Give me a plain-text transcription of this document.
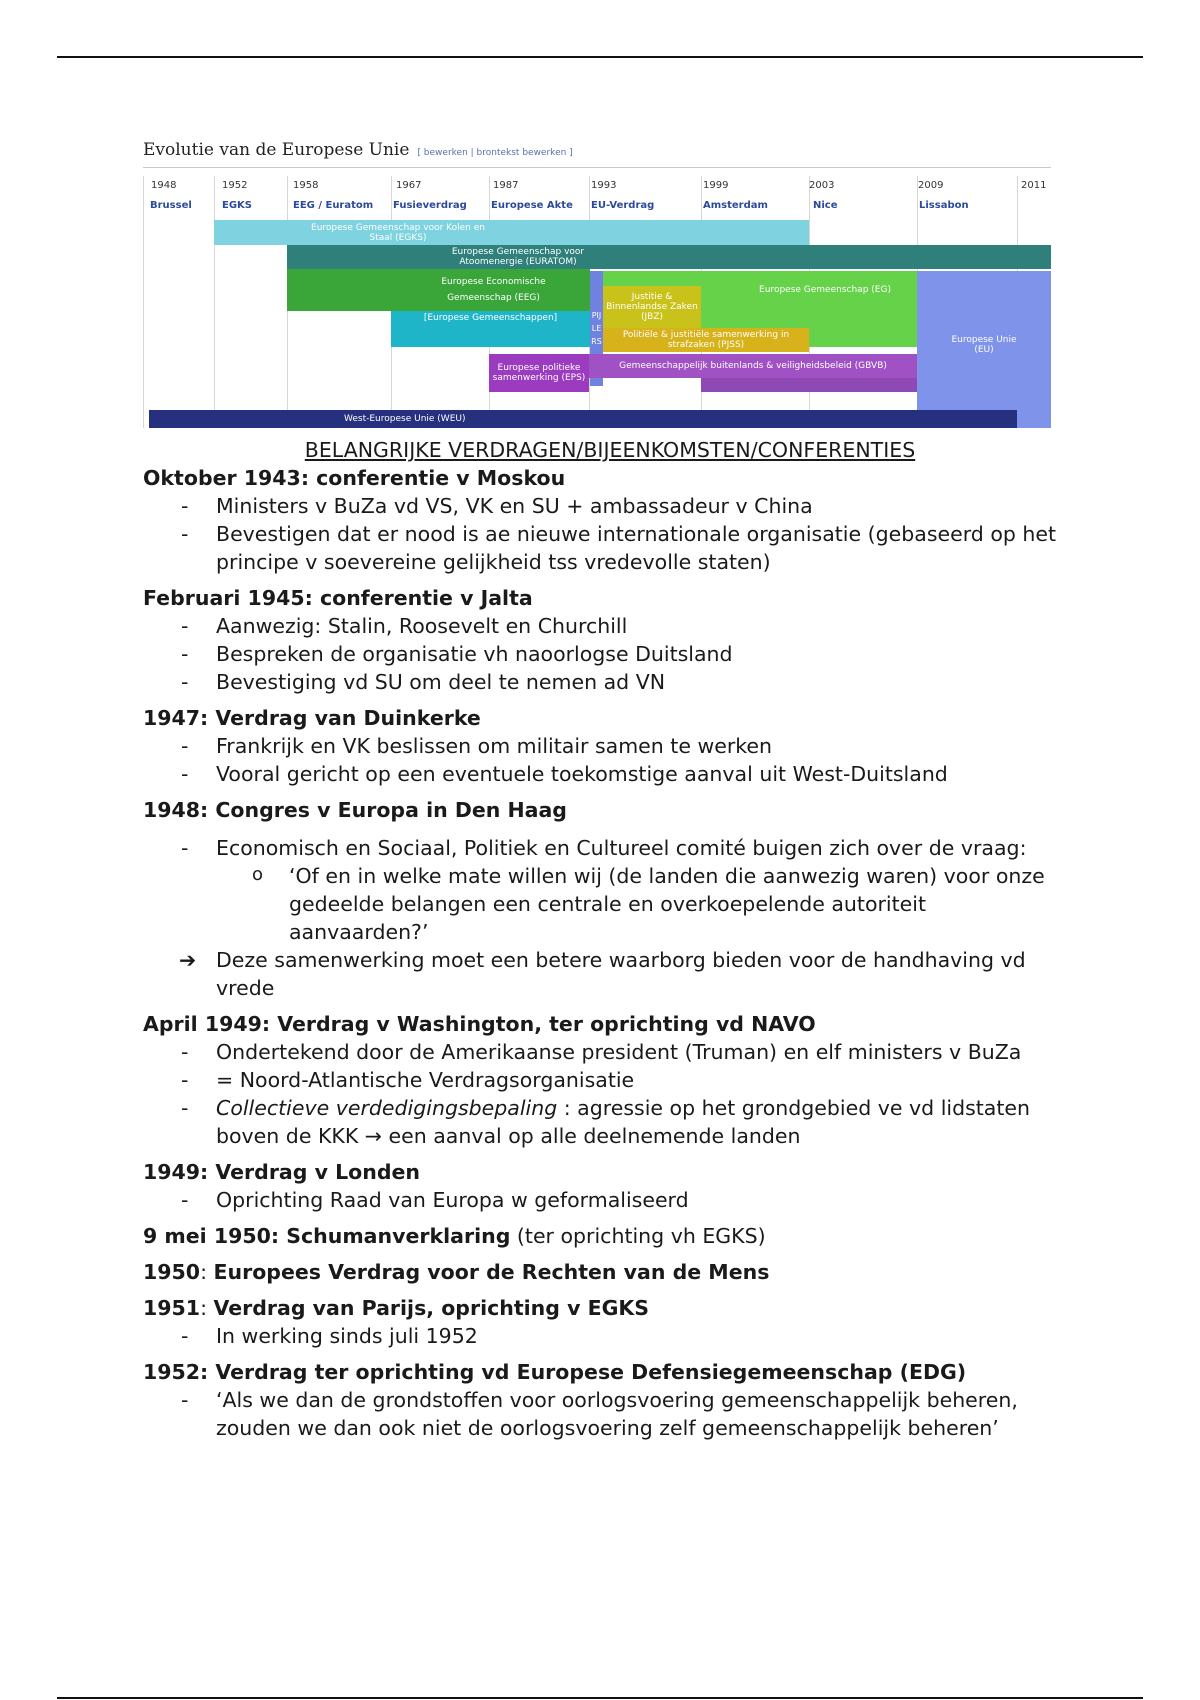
Evolutie van de Europese Unie [ bewerken | brontekst bewerken ]
1948	1952	1958	1967	1987	1993	1999	2003	2009	2011
Brussel	EGKS	EEG / Euratom Fusieverdrag Europese Akte EU-Verdrag	Amsterdam	Nice	Lissabon
Europese Gemeenschap voor Kolen en Staal (EGKS)
Europese Gemeenschap voor Atoomenergie (EURATOM)
Europese Economische
Gemeenschap (EEG)
[Europese Gemeenschappen]
Europese Gemeenschap (EG)
PIJLERS
Justitie & Binnenlandse Zaken (JBZ)
Politiële & justitiële samenwerking in strafzaken (PJSS)
Europese politieke samenwerking (EPS)
Gemeenschappelijk buitenlands & veiligheidsbeleid (GBVB)
Europese Unie (EU)
West-Europese Unie (WEU)

BELANGRIJKE VERDRAGEN/BIJEENKOMSTEN/CONFERENTIES

Oktober 1943: conferentie v Moskou
- Ministers v BuZa vd VS, VK en SU + ambassadeur v China
- Bevestigen dat er nood is ae nieuwe internationale organisatie (gebaseerd op het principe v soevereine gelijkheid tss vredevolle staten)
Februari 1945: conferentie v Jalta
- Aanwezig: Stalin, Roosevelt en Churchill
- Bespreken de organisatie vh naoorlogse Duitsland
- Bevestiging vd SU om deel te nemen ad VN
1947: Verdrag van Duinkerke
- Frankrijk en VK beslissen om militair samen te werken
- Vooral gericht op een eventuele toekomstige aanval uit West-Duitsland
1948: Congres v Europa in Den Haag
- Economisch en Sociaal, Politiek en Cultureel comité buigen zich over de vraag:
o ‘Of en in welke mate willen wij (de landen die aanwezig waren) voor onze gedeelde belangen een centrale en overkoepelende autoriteit aanvaarden?’
➔ Deze samenwerking moet een betere waarborg bieden voor de handhaving vd vrede
April 1949: Verdrag v Washington, ter oprichting vd NAVO
- Ondertekend door de Amerikaanse president (Truman) en elf ministers v BuZa
- = Noord-Atlantische Verdragsorganisatie
- Collectieve verdedigingsbepaling : agressie op het grondgebied ve vd lidstaten boven de KKK → een aanval op alle deelnemende landen
1949: Verdrag v Londen
- Oprichting Raad van Europa w geformaliseerd
9 mei 1950: Schumanverklaring (ter oprichting vh EGKS)
1950: Europees Verdrag voor de Rechten van de Mens
1951: Verdrag van Parijs, oprichting v EGKS
- In werking sinds juli 1952
1952: Verdrag ter oprichting vd Europese Defensiegemeenschap (EDG)
- ‘Als we dan de grondstoffen voor oorlogsvoering gemeenschappelijk beheren, zouden we dan ook niet de oorlogsvoering zelf gemeenschappelijk beheren’
